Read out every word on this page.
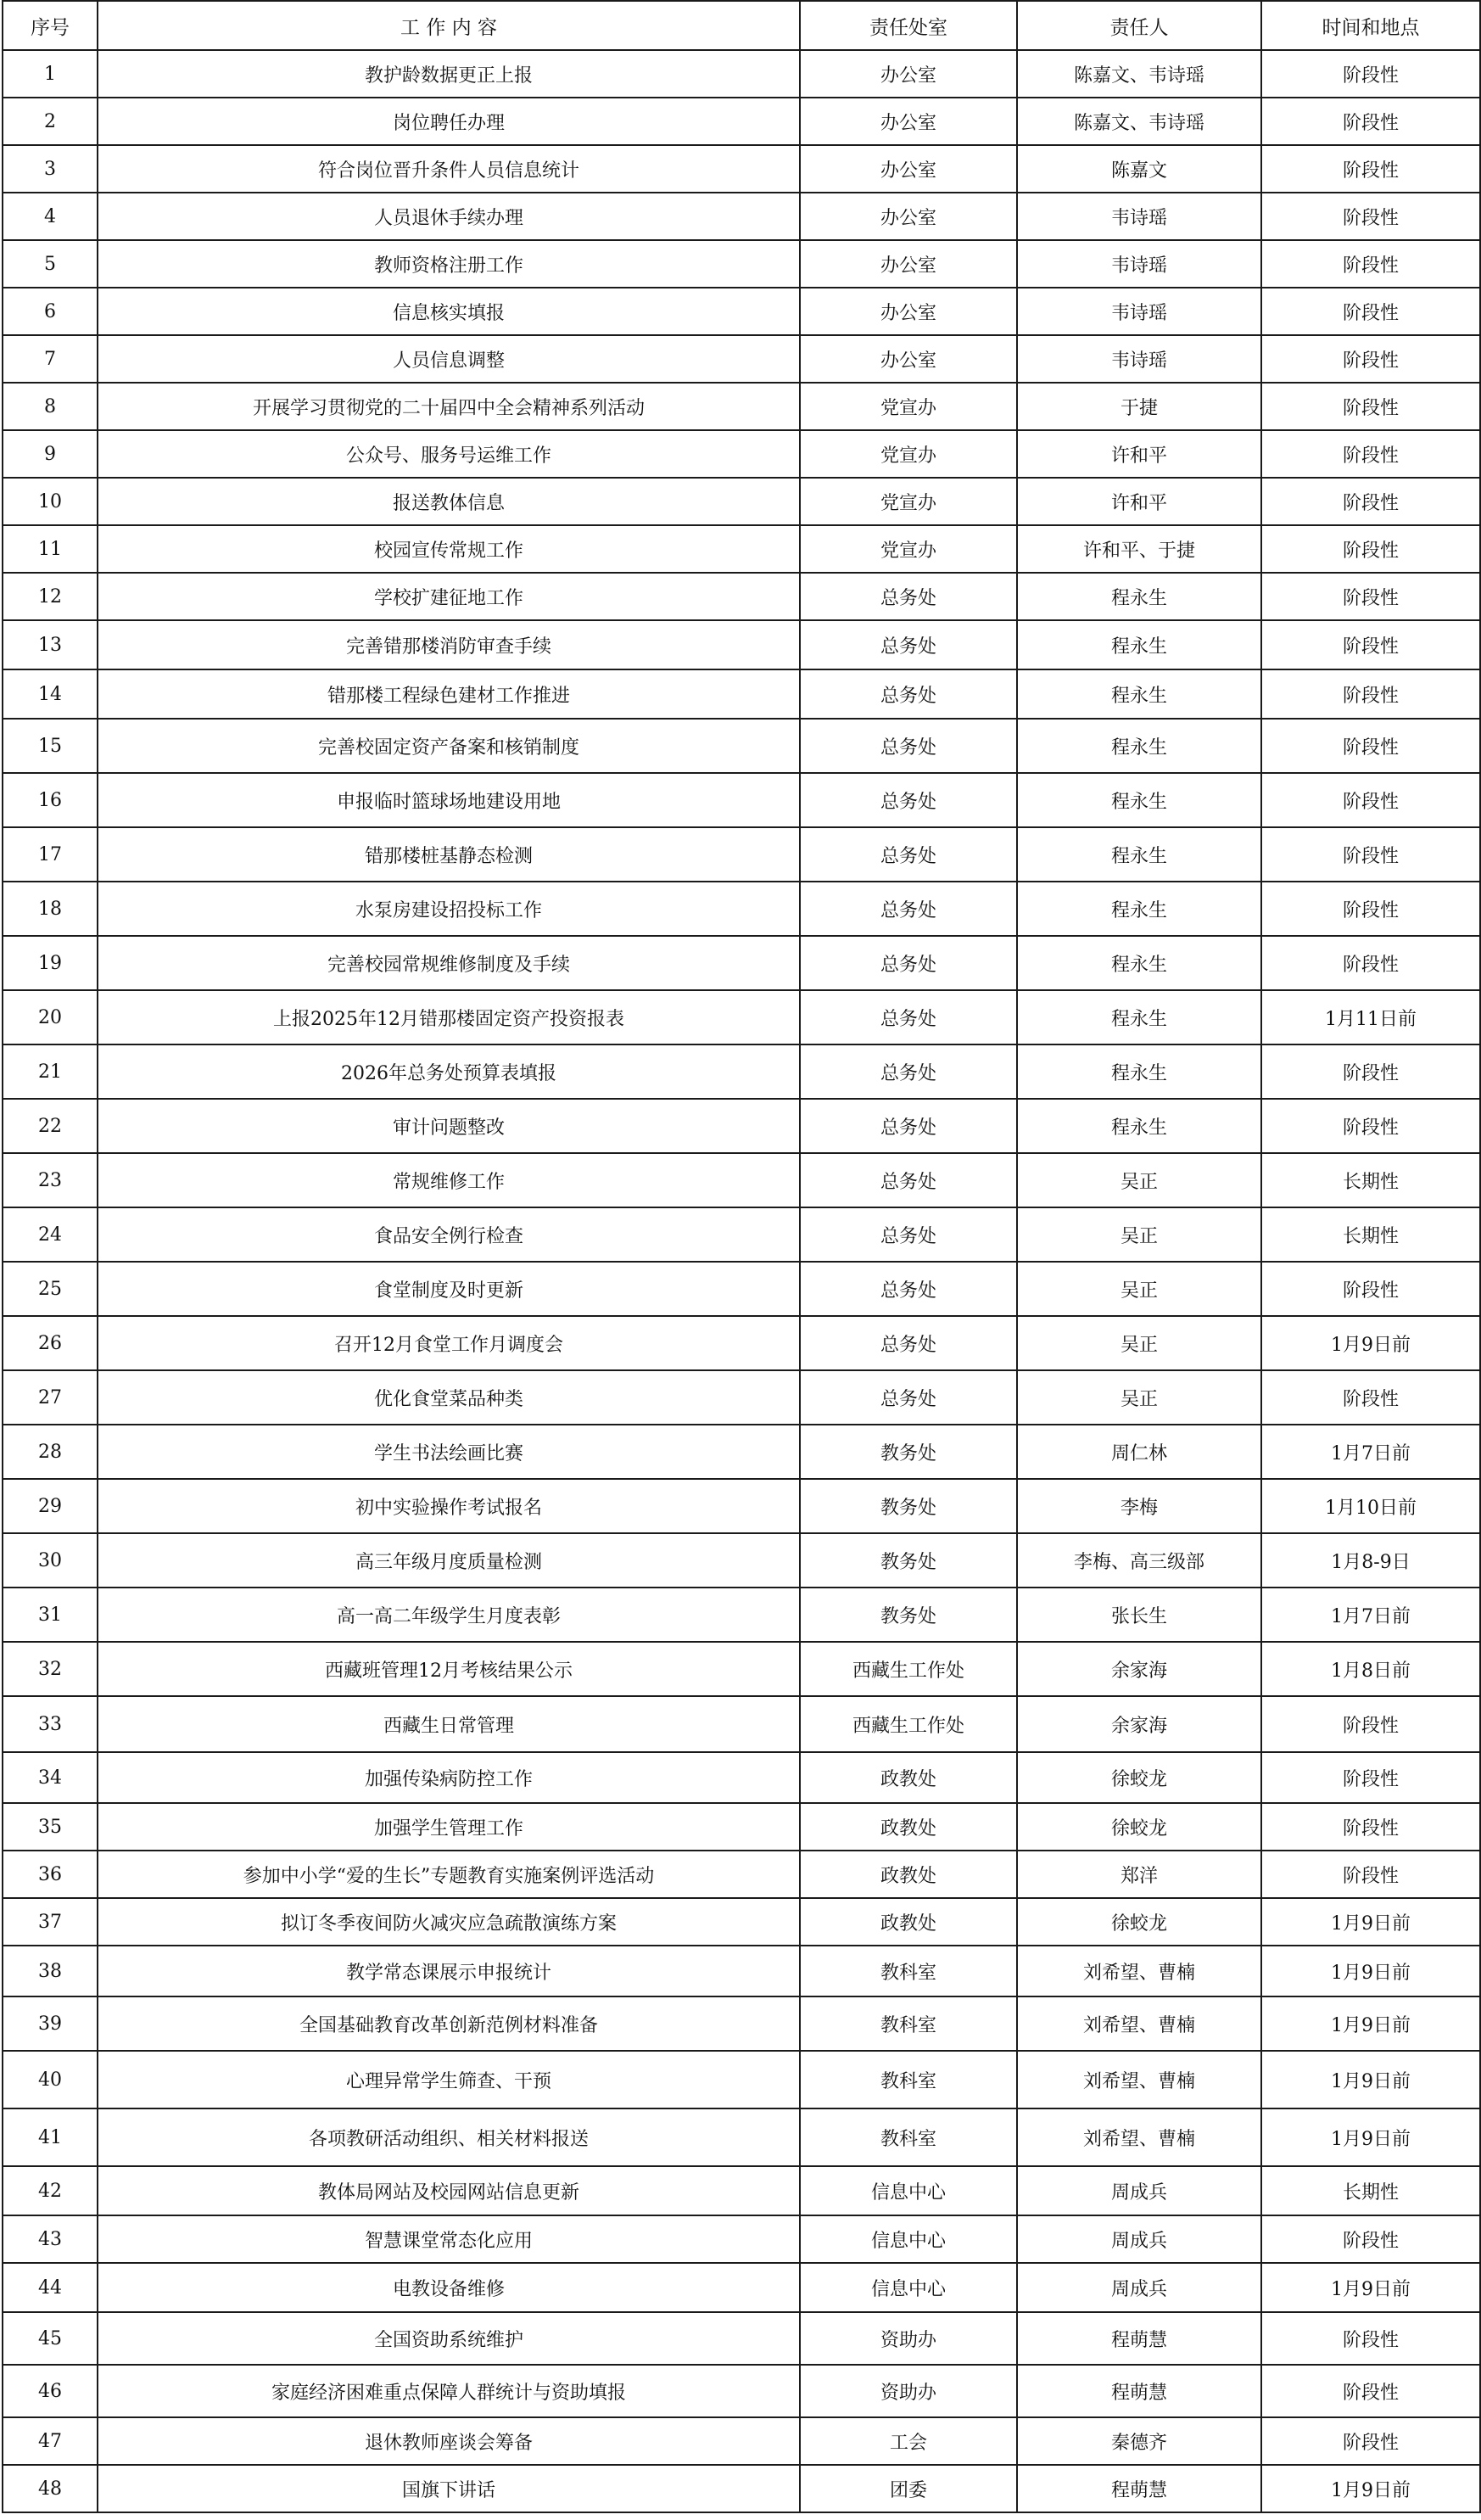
序号	工 作 内 容	责任处室	责任人	时间和地点
1	教护龄数据更正上报	办公室	陈嘉文、韦诗瑶	阶段性
2	岗位聘任办理	办公室	陈嘉文、韦诗瑶	阶段性
3	符合岗位晋升条件人员信息统计	办公室	陈嘉文	阶段性
4	人员退休手续办理	办公室	韦诗瑶	阶段性
5	教师资格注册工作	办公室	韦诗瑶	阶段性
6	信息核实填报	办公室	韦诗瑶	阶段性
7	人员信息调整	办公室	韦诗瑶	阶段性
8	开展学习贯彻党的二十届四中全会精神系列活动	党宣办	于捷	阶段性
9	公众号、服务号运维工作	党宣办	许和平	阶段性
10	报送教体信息	党宣办	许和平	阶段性
11	校园宣传常规工作	党宣办	许和平、于捷	阶段性
12	学校扩建征地工作	总务处	程永生	阶段性
13	完善错那楼消防审查手续	总务处	程永生	阶段性
14	错那楼工程绿色建材工作推进	总务处	程永生	阶段性
15	完善校固定资产备案和核销制度	总务处	程永生	阶段性
16	申报临时篮球场地建设用地	总务处	程永生	阶段性
17	错那楼桩基静态检测	总务处	程永生	阶段性
18	水泵房建设招投标工作	总务处	程永生	阶段性
19	完善校园常规维修制度及手续	总务处	程永生	阶段性
20	上报2025年12月错那楼固定资产投资报表	总务处	程永生	1月11日前
21	2026年总务处预算表填报	总务处	程永生	阶段性
22	审计问题整改	总务处	程永生	阶段性
23	常规维修工作	总务处	吴正	长期性
24	食品安全例行检查	总务处	吴正	长期性
25	食堂制度及时更新	总务处	吴正	阶段性
26	召开12月食堂工作月调度会	总务处	吴正	1月9日前
27	优化食堂菜品种类	总务处	吴正	阶段性
28	学生书法绘画比赛	教务处	周仁林	1月7日前
29	初中实验操作考试报名	教务处	李梅	1月10日前
30	高三年级月度质量检测	教务处	李梅、高三级部	1月8-9日
31	高一高二年级学生月度表彰	教务处	张长生	1月7日前
32	西藏班管理12月考核结果公示	西藏生工作处	余家海	1月8日前
33	西藏生日常管理	西藏生工作处	余家海	阶段性
34	加强传染病防控工作	政教处	徐蛟龙	阶段性
35	加强学生管理工作	政教处	徐蛟龙	阶段性
36	参加中小学“爱的生长”专题教育实施案例评选活动	政教处	郑洋	阶段性
37	拟订冬季夜间防火减灾应急疏散演练方案	政教处	徐蛟龙	1月9日前
38	教学常态课展示申报统计	教科室	刘希望、曹楠	1月9日前
39	全国基础教育改革创新范例材料准备	教科室	刘希望、曹楠	1月9日前
40	心理异常学生筛查、干预	教科室	刘希望、曹楠	1月9日前
41	各项教研活动组织、相关材料报送	教科室	刘希望、曹楠	1月9日前
42	教体局网站及校园网站信息更新	信息中心	周成兵	长期性
43	智慧课堂常态化应用	信息中心	周成兵	阶段性
44	电教设备维修	信息中心	周成兵	1月9日前
45	全国资助系统维护	资助办	程萌慧	阶段性
46	家庭经济困难重点保障人群统计与资助填报	资助办	程萌慧	阶段性
47	退休教师座谈会筹备	工会	秦德齐	阶段性
48	国旗下讲话	团委	程萌慧	1月9日前
